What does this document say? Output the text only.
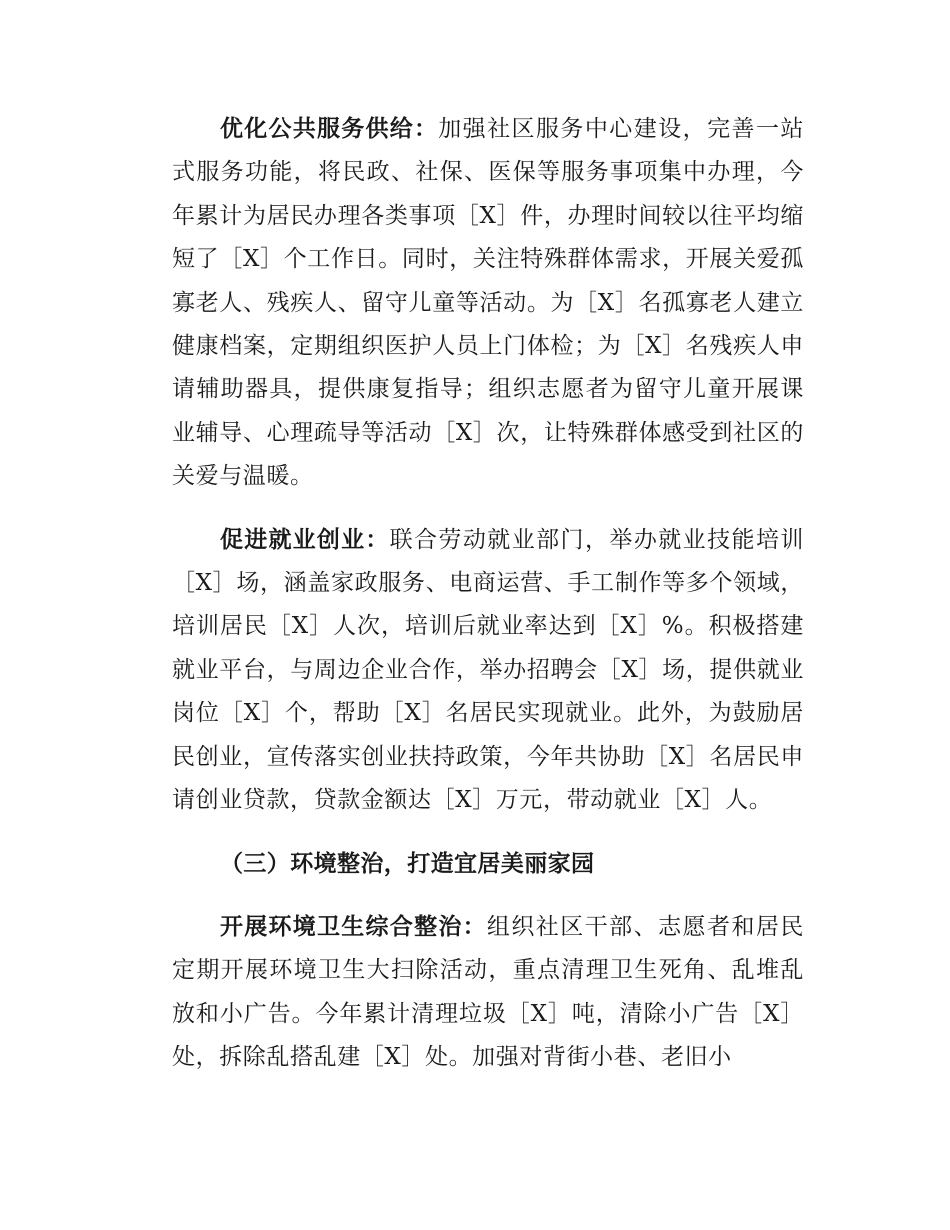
优化公共服务供给：加强社区服务中心建设，完善一站式服务功能，将民政、社保、医保等服务事项集中办理，今年累计为居民办理各类事项［X］件，办理时间较以往平均缩短了［X］个工作日。同时，关注特殊群体需求，开展关爱孤寡老人、残疾人、留守儿童等活动。为［X］名孤寡老人建立健康档案，定期组织医护人员上门体检；为［X］名残疾人申请辅助器具，提供康复指导；组织志愿者为留守儿童开展课业辅导、心理疏导等活动［X］次，让特殊群体感受到社区的关爱与温暖。

促进就业创业：联合劳动就业部门，举办就业技能培训［X］场，涵盖家政服务、电商运营、手工制作等多个领域，培训居民［X］人次，培训后就业率达到［X］%。积极搭建就业平台，与周边企业合作，举办招聘会［X］场，提供就业岗位［X］个，帮助［X］名居民实现就业。此外，为鼓励居民创业，宣传落实创业扶持政策，今年共协助［X］名居民申请创业贷款，贷款金额达［X］万元，带动就业［X］人。

（三）环境整治，打造宜居美丽家园

开展环境卫生综合整治：组织社区干部、志愿者和居民定期开展环境卫生大扫除活动，重点清理卫生死角、乱堆乱放和小广告。今年累计清理垃圾［X］吨，清除小广告［X］处，拆除乱搭乱建［X］处。加强对背街小巷、老旧小
